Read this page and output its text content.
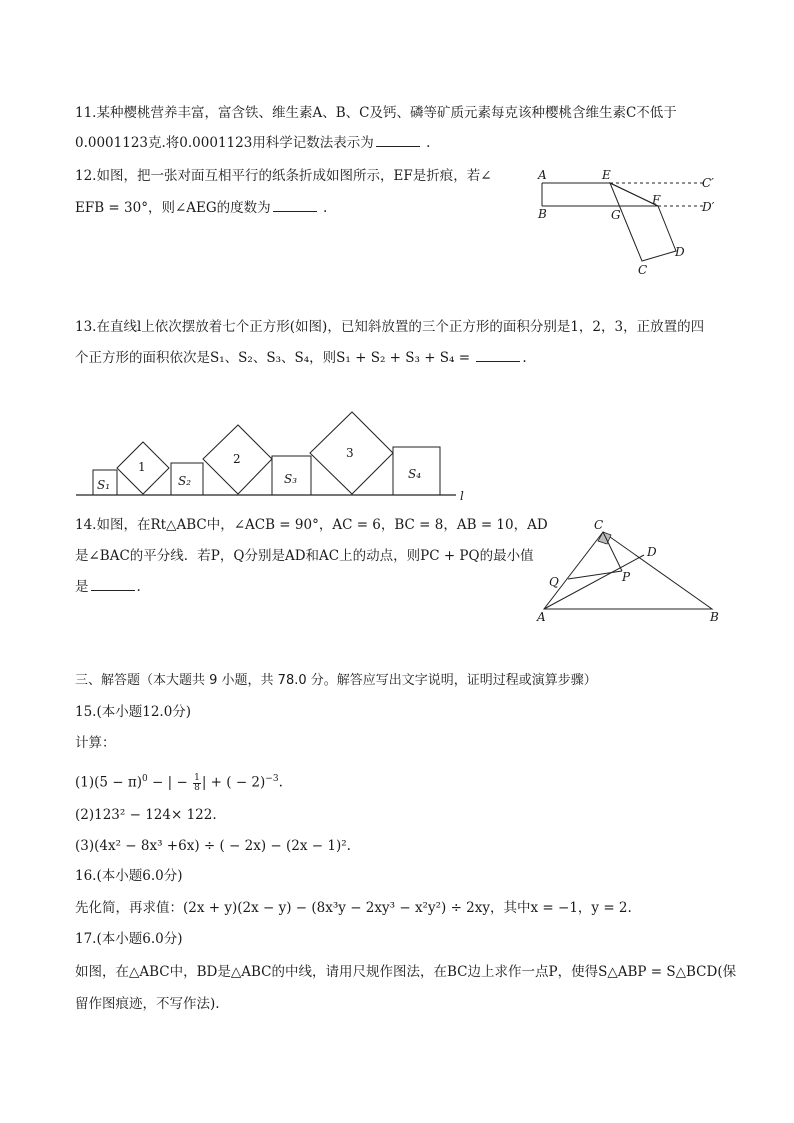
11.某种樱桃营养丰富，富含铁、维生素A、B、C及钙、磷等矿质元素每克该种樱桃含维生素C不低于
0.0001123克.将0.0001123用科学记数法表示为	.
12.如图，把一张对面互相平行的纸条折成如图所示，EF是折痕，若∠
EFB = 30°，则∠AEG的度数为	.
A	E
C′
F	D′
B	G
D
C
13.在直线l上依次摆放着七个正方形(如图)，已知斜放置的三个正方形的面积分别是1，2，3，正放置的四
个正方形的面积依次是S₁、S₂、S₃、S₄，则S₁ + S₂ + S₃ + S₄ =	.
1
2	3
S₁	S₂	S₃	S₄
l
14.如图，在Rt△ABC中，∠ACB = 90°，AC = 6，BC = 8，AB = 10，AD
是∠BAC的平分线．若P，Q分别是AD和AC上的动点，则PC + PQ的最小值
是	.
C
D
Q	P
A	B
三、解答题（本大题共 9 小题，共 78.0 分。解答应写出文字说明，证明过程或演算步骤）
15.(本小题12.0分)
计算：
$(1)(5 - \pi)^0$ − | − $\frac{1}{8}$ | + ( − 2)$^{-3}$.
(2)123² − 124× 122.
(3)(4x² − 8x³ +6x) ÷ ( − 2x) − (2x − 1)².
16.(本小题6.0分)
先化简，再求值：(2x + y)(2x − y) − (8x³y − 2xy³ − x²y²) ÷ 2xy，其中x = −1，y = 2.
17.(本小题6.0分)
如图，在△ABC中，BD是△ABC的中线，请用尺规作图法，在BC边上求作一点P，使得S△ABP = S△BCD(保
留作图痕迹，不写作法).
